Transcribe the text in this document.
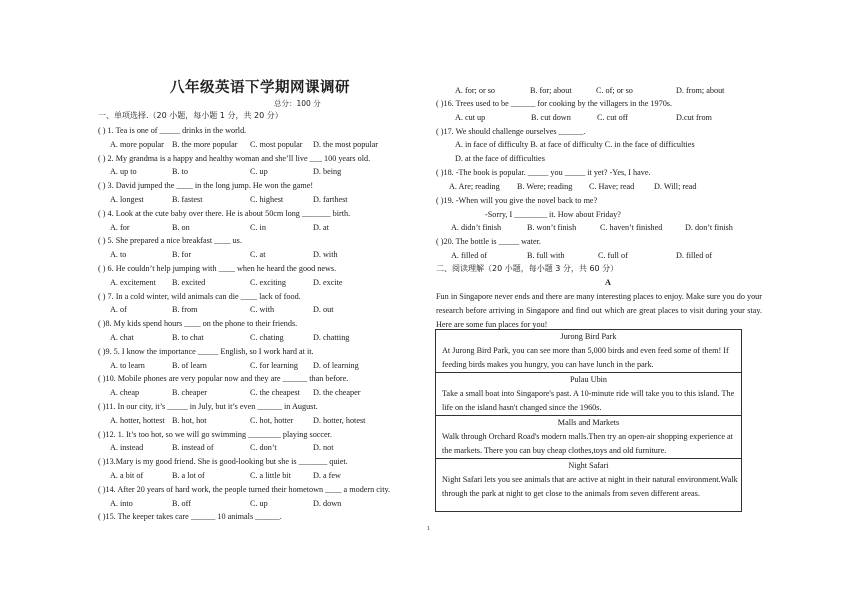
八年级英语下学期网课调研
总分：100 分
一、单项选择.（20 小题，每小题 1 分，共 20 分）
( ) 1. Tea is one of _____ drinks in the world.
A. more popular B. the more popular C. most popular D. the most popular
( ) 2. My grandma is a happy and healthy woman and she’ll live ___ 100 years old.
A. up to	B. to	C. up	D. being
( ) 3. David jumped the ____ in the long jump. He won the game!
A. longest	B. fastest	C. highest	D. farthest
( ) 4. Look at the cute baby over there. He is about 50cm long _______ birth.
A. for	B. on	C. in	D. at
( ) 5. She prepared a nice breakfast ____ us.
A. to	B. for	C. at	D. with
( ) 6. He couldn’t help jumping with ____ when he heard the good news.
A. excitement B. excited	C. exciting	D. excite
( ) 7. In a cold winter, wild animals can die ____ lack of food.
A. of	B. from	C. with	D. out
( )8. My kids spend hours ____ on the phone to their friends.
A. chat	B. to chat	C. chating	D. chatting
( )9. 5. I know the importance _____ English, so I work hard at it.
A. to learn	B. of learn	C. for learning D. of learning
( )10. Mobile phones are very popular now and they are ______ than before.
A. cheap	B. cheaper	C. the cheapest D. the cheaper
( )11. In our city, it’s _____ in July, but it’s even ______ in August.
A. hotter, hottest B. hot, hot	C. hot, hotter D. hotter, hotest
( )12. 1. It’s too hot, so we will go swimming ________ playing soccer.
A. instead	B. instead of	C. don’t	D. not
( )13.Mary is my good friend. She is good-looking but she is _______ quiet.
A. a bit of	B. a lot of	C. a little bit	D. a few
( )14. After 20 years of hard work, the people turned their hometown ____ a modern city.
A. into	B. off	C. up	D. down
( )15. The keeper takes care ______ 10 animals ______.
A. for; or so	B. for; about	C. of; or so	D. from; about
( )16. Trees used to be ______ for cooking by the villagers in the 1970s.
A. cut up	B. cut down	C. cut off	D.cut from
( )17. We should challenge ourselves ______.
A. in face of difficulty B. at face of difficulty C. in the face of difficulties
D. at the face of difficulties
( )18. -The book is popular. _____ you _____ it yet? -Yes, I have.
A. Are; reading B. Were; reading C. Have; read D. Will; read
( )19. -When will you give the novel back to me?
-Sorry, I ________ it. How about Friday?
A. didn’t finish	B. won’t finish	C. haven’t finished	D. don’t finish
( )20. The bottle is _____ water.
A. filled of	B. full with	C. full of	D. filled of
二、阅读理解（20 小题，每小题 3 分，共 60 分）
A
Fun in Singapore never ends and there are many interesting places to enjoy. Make sure you do your research before arriving in Singapore and find out which are great places to visit during your stay. Here are some fun places for you!
Jurong Bird Park
At Jurong Bird Park, you can see more than 5,000 birds and even feed some of them! If feeding birds makes you hungry, you can have lunch in the park.
Pulau Ubin
Take a small boat into Singapore's past. A 10-minute ride will take you to this island. The life on the island hasn't changed since the 1960s.
Malls and Markets
Walk through Orchard Road's modern malls.Then try an open-air shopping experience at the markets. There you can buy cheap clothes,toys and old furniture.
Night Safari
Night Safari lets you see animals that are active at night in their natural environment.Walk through the park at night to get close to the animals from seven different areas.
1
